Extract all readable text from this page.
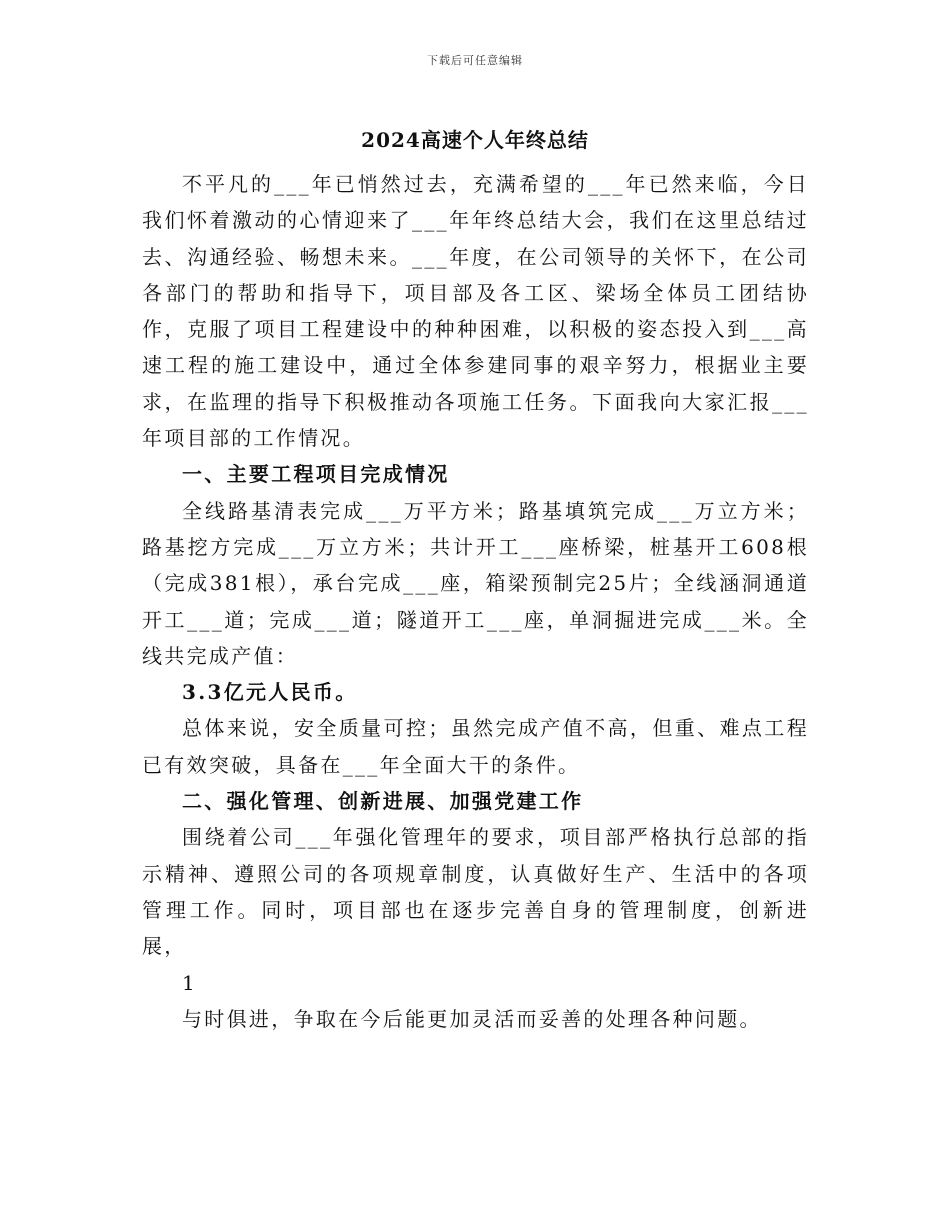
下载后可任意编辑
2024高速个人年终总结

不平凡的___年已悄然过去，充满希望的___年已然来临，今日我们怀着激动的心情迎来了___年年终总结大会，我们在这里总结过去、沟通经验、畅想未来。___年度，在公司领导的关怀下，在公司各部门的帮助和指导下，项目部及各工区、梁场全体员工团结协作，克服了项目工程建设中的种种困难，以积极的姿态投入到___高速工程的施工建设中，通过全体参建同事的艰辛努力，根据业主要求，在监理的指导下积极推动各项施工任务。下面我向大家汇报___年项目部的工作情况。

一、主要工程项目完成情况

全线路基清表完成___万平方米；路基填筑完成___万立方米；路基挖方完成___万立方米；共计开工___座桥梁，桩基开工608根（完成381根），承台完成___座，箱梁预制完25片；全线涵洞通道开工___道；完成___道；隧道开工___座，单洞掘进完成___米。全线共完成产值：

3.3亿元人民币。

总体来说，安全质量可控；虽然完成产值不高，但重、难点工程已有效突破，具备在___年全面大干的条件。

二、强化管理、创新进展、加强党建工作

围绕着公司___年强化管理年的要求，项目部严格执行总部的指示精神、遵照公司的各项规章制度，认真做好生产、生活中的各项管理工作。同时，项目部也在逐步完善自身的管理制度，创新进展，

1

与时俱进，争取在今后能更加灵活而妥善的处理各种问题。
